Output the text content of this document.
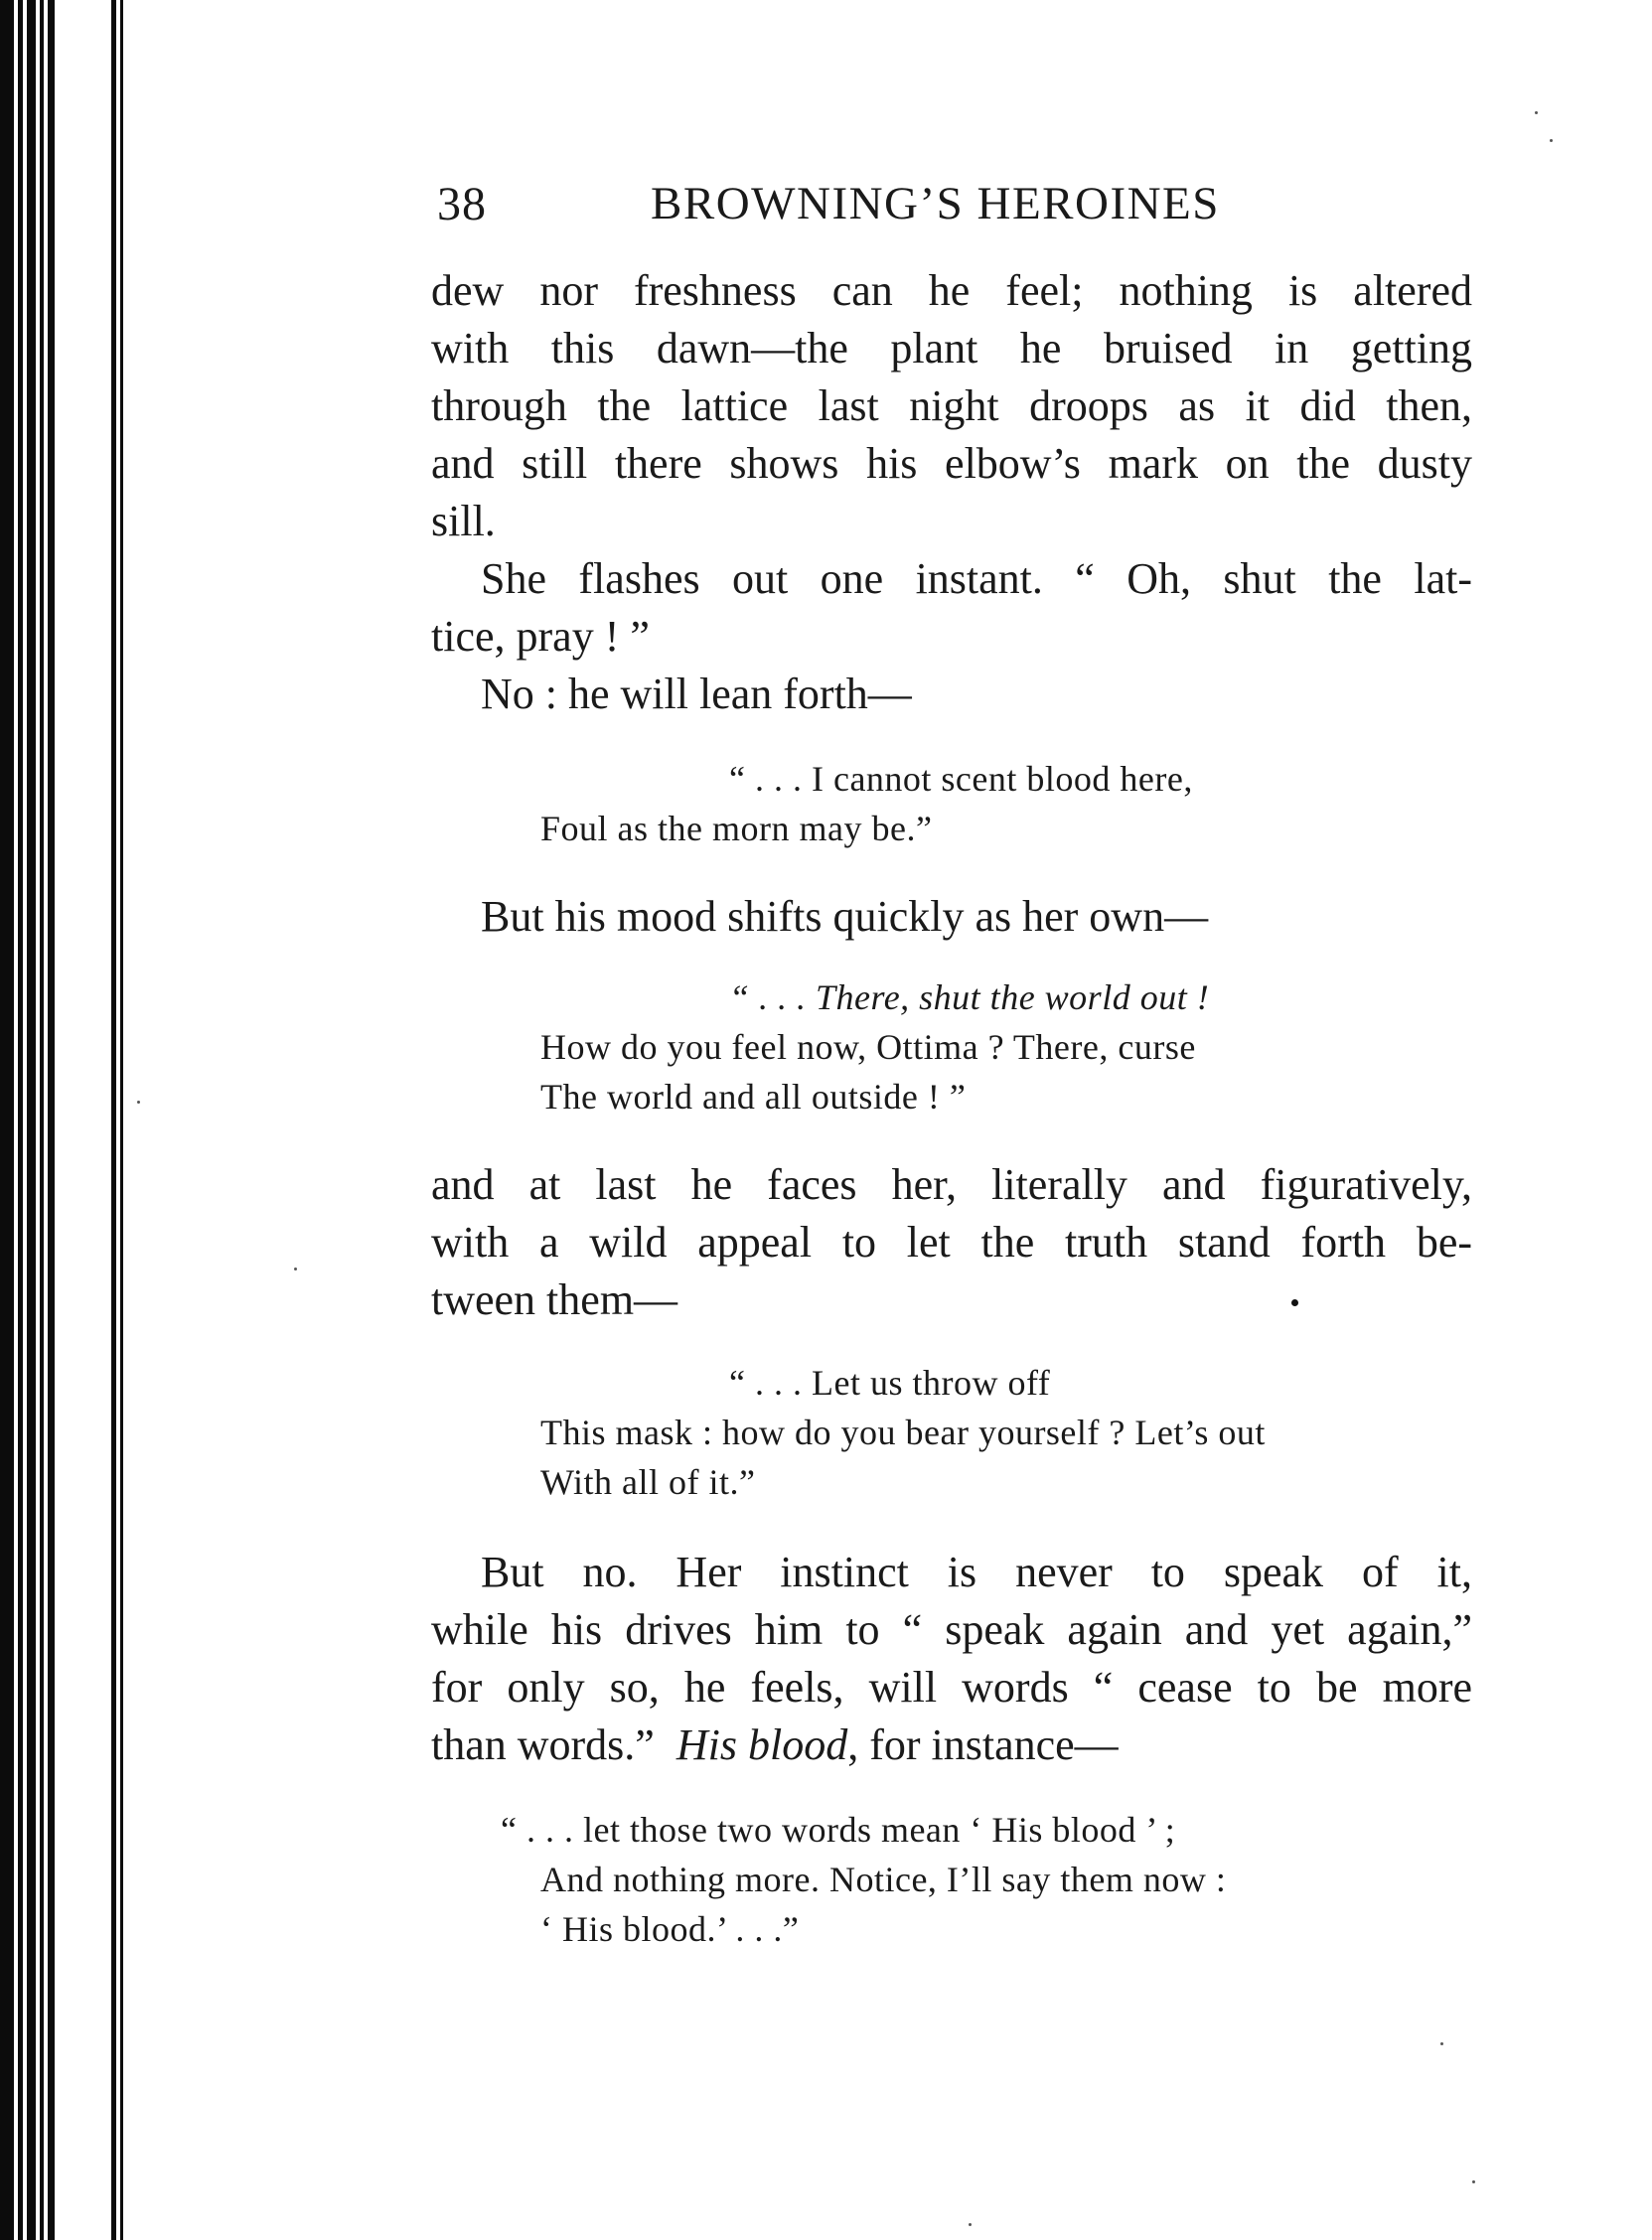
38	BROWNING’S HEROINES
dew nor freshness can he feel; nothing is altered
with this dawn—the plant he bruised in getting
through the lattice last night droops as it did then,
and still there shows his elbow’s mark on the dusty
sill.
She flashes out one instant. “ Oh, shut the lat-
tice, pray ! ”
No : he will lean forth—
“ . . . I cannot scent blood here,
Foul as the morn may be.”
But his mood shifts quickly as her own—
“ . . . There, shut the world out !
How do you feel now, Ottima ? There, curse
The world and all outside ! ”
and at last he faces her, literally and figuratively,
with a wild appeal to let the truth stand forth be-
tween them—
“ . . . Let us throw off
This mask : how do you bear yourself ? Let’s out
With all of it.”
But no. Her instinct is never to speak of it,
while his drives him to “ speak again and yet again,”
for only so, he feels, will words “ cease to be more
than words.” His blood, for instance—
“ . . . let those two words mean ‘ His blood ’ ;
And nothing more. Notice, I’ll say them now :
‘ His blood.’ . . .”
